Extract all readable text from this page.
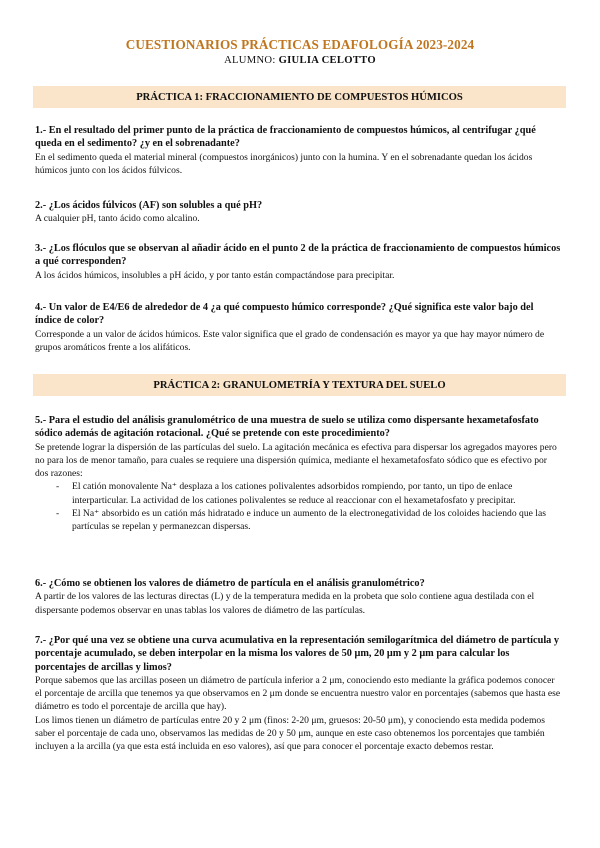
CUESTIONARIOS PRÁCTICAS EDAFOLOGÍA 2023-2024
ALUMNO: GIULIA CELOTTO
PRÁCTICA 1: FRACCIONAMIENTO DE COMPUESTOS HÚMICOS

1.- En el resultado del primer punto de la práctica de fraccionamiento de compuestos húmicos, al centrifugar ¿qué queda en el sedimento? ¿y en el sobrenadante?

En el sedimento queda el material mineral (compuestos inorgánicos) junto con la humina. Y en el sobrenadante quedan los ácidos húmicos junto con los ácidos fúlvicos.

2.- ¿Los ácidos fúlvicos (AF) son solubles a qué pH?

A cualquier pH, tanto ácido como alcalino.

3.- ¿Los flóculos que se observan al añadir ácido en el punto 2 de la práctica de fraccionamiento de compuestos húmicos a qué corresponden?

A los ácidos húmicos, insolubles a pH ácido, y por tanto están compactándose para precipitar.

4.- Un valor de E4/E6 de alrededor de 4 ¿a qué compuesto húmico corresponde? ¿Qué significa este valor bajo del índice de color?

Corresponde a un valor de ácidos húmicos. Este valor significa que el grado de condensación es mayor ya que hay mayor número de grupos aromáticos frente a los alifáticos.

PRÁCTICA 2: GRANULOMETRÍA Y TEXTURA DEL SUELO

5.- Para el estudio del análisis granulométrico de una muestra de suelo se utiliza como dispersante hexametafosfato sódico además de agitación rotacional. ¿Qué se pretende con este procedimiento?

Se pretende lograr la dispersión de las partículas del suelo. La agitación mecánica es efectiva para dispersar los agregados mayores pero no para los de menor tamaño, para cuales se requiere una dispersión química, mediante el hexametafosfato sódico que es efectivo por dos razones:

- El catión monovalente Na⁺ desplaza a los cationes polivalentes adsorbidos rompiendo, por tanto, un tipo de enlace interparticular. La actividad de los cationes polivalentes se reduce al reaccionar con el hexametafosfato y precipitar.
- El Na⁺ absorbido es un catión más hidratado e induce un aumento de la electronegatividad de los coloides haciendo que las partículas se repelan y permanezcan dispersas.

6.- ¿Cómo se obtienen los valores de diámetro de partícula en el análisis granulométrico?

A partir de los valores de las lecturas directas (L) y de la temperatura medida en la probeta que solo contiene agua destilada con el dispersante podemos observar en unas tablas los valores de diámetro de las partículas.

7.- ¿Por qué una vez se obtiene una curva acumulativa en la representación semilogarítmica del diámetro de partícula y porcentaje acumulado, se deben interpolar en la misma los valores de 50 μm, 20 μm y 2 μm para calcular los porcentajes de arcillas y limos?

Porque sabemos que las arcillas poseen un diámetro de partícula inferior a 2 μm, conociendo esto mediante la gráfica podemos conocer el porcentaje de arcilla que tenemos ya que observamos en 2 μm donde se encuentra nuestro valor en porcentajes (sabemos que hasta ese diámetro es todo el porcentaje de arcilla que hay).

Los limos tienen un diámetro de partículas entre 20 y 2 μm (finos: 2-20 μm, gruesos: 20-50 μm), y conociendo esta medida podemos saber el porcentaje de cada uno, observamos las medidas de 20 y 50 μm, aunque en este caso obtenemos los porcentajes que también incluyen a la arcilla (ya que esta está incluida en eso valores), así que para conocer el porcentaje exacto debemos restar.
